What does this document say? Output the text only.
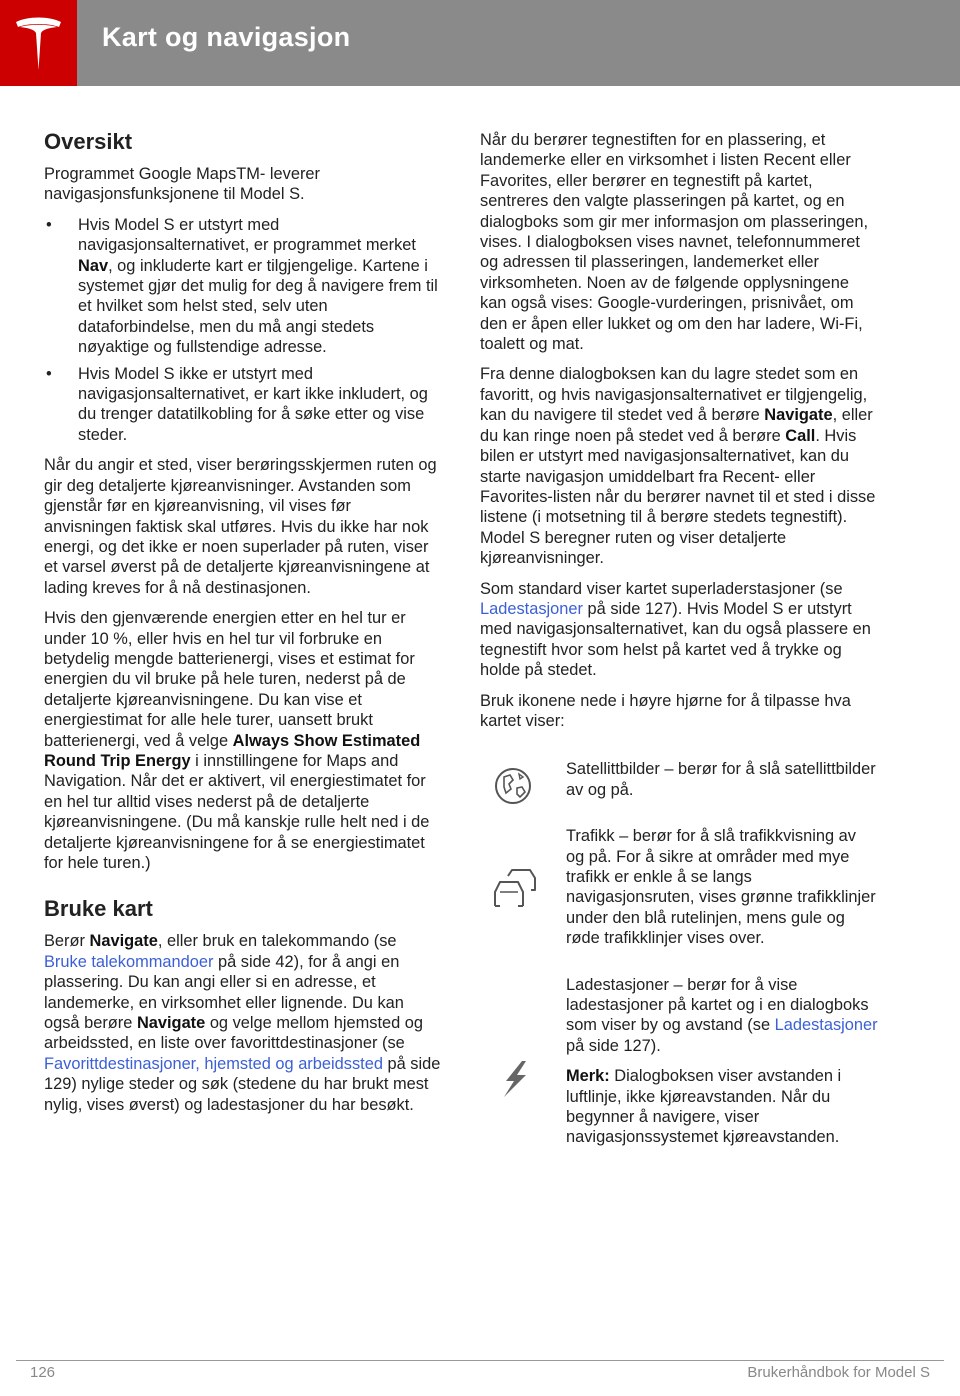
Kart og navigasjon
Oversikt

Programmet Google MapsTM- leverer navigasjonsfunksjonene til Model S.

• Hvis Model S er utstyrt med navigasjonsalternativet, er programmet merket Nav, og inkluderte kart er tilgjengelige. Kartene i systemet gjør det mulig for deg å navigere frem til et hvilket som helst sted, selv uten dataforbindelse, men du må angi stedets nøyaktige og fullstendige adresse.
• Hvis Model S ikke er utstyrt med navigasjonsalternativet, er kart ikke inkludert, og du trenger datatilkobling for å søke etter og vise steder.

Når du angir et sted, viser berøringsskjermen ruten og gir deg detaljerte kjøreanvisninger. Avstanden som gjenstår før en kjøreanvisning, vil vises før anvisningen faktisk skal utføres. Hvis du ikke har nok energi, og det ikke er noen superlader på ruten, viser et varsel øverst på de detaljerte kjøreanvisningene at lading kreves for å nå destinasjonen.

Hvis den gjenværende energien etter en hel tur er under 10 %, eller hvis en hel tur vil forbruke en betydelig mengde batterienergi, vises et estimat for energien du vil bruke på hele turen, nederst på de detaljerte kjøreanvisningene. Du kan vise et energiestimat for alle hele turer, uansett brukt batterienergi, ved å velge Always Show Estimated Round Trip Energy i innstillingene for Maps and Navigation. Når det er aktivert, vil energiestimatet for en hel tur alltid vises nederst på de detaljerte kjøreanvisningene. (Du må kanskje rulle helt ned i de detaljerte kjøreanvisningene for å se energiestimatet for hele turen.)

Bruke kart

Berør Navigate, eller bruk en talekommando (se Bruke talekommandoer på side 42), for å angi en plassering. Du kan angi eller si en adresse, et landemerke, en virksomhet eller lignende. Du kan også berøre Navigate og velge mellom hjemsted og arbeidssted, en liste over favorittdestinasjoner (se Favorittdestinasjoner, hjemsted og arbeidssted på side 129) nylige steder og søk (stedene du har brukt mest nylig, vises øverst) og ladestasjoner du har besøkt.

Når du berører tegnestiften for en plassering, et landemerke eller en virksomhet i listen Recent eller Favorites, eller berører en tegnestift på kartet, sentreres den valgte plasseringen på kartet, og en dialogboks som gir mer informasjon om plasseringen, vises. I dialogboksen vises navnet, telefonnummeret og adressen til plasseringen, landemerket eller virksomheten. Noen av de følgende opplysningene kan også vises: Google-vurderingen, prisnivået, om den er åpen eller lukket og om den har ladere, Wi-Fi, toalett og mat.

Fra denne dialogboksen kan du lagre stedet som en favoritt, og hvis navigasjonsalternativet er tilgjengelig, kan du navigere til stedet ved å berøre Navigate, eller du kan ringe noen på stedet ved å berøre Call. Hvis bilen er utstyrt med navigasjonsalternativet, kan du starte navigasjon umiddelbart fra Recent- eller Favorites-listen når du berører navnet til et sted i disse listene (i motsetning til å berøre stedets tegnestift). Model S beregner ruten og viser detaljerte kjøreanvisninger.

Som standard viser kartet superladerstasjoner (se Ladestasjoner på side 127). Hvis Model S er utstyrt med navigasjonsalternativet, kan du også plassere en tegnestift hvor som helst på kartet ved å trykke og holde på stedet.

Bruk ikonene nede i høyre hjørne for å tilpasse hva kartet viser:

Satellittbilder – berør for å slå satellittbilder av og på.
Trafikk – berør for å slå trafikkvisning av og på. For å sikre at områder med mye trafikk er enkle å se langs navigasjonsruten, vises grønne trafikklinjer under den blå rutelinjen, mens gule og røde trafikklinjer vises over.

Ladestasjoner – berør for å vise ladestasjoner på kartet og i en dialogboks som viser by og avstand (se Ladestasjoner på side 127).

Merk: Dialogboksen viser avstanden i luftlinje, ikke kjøreavstanden. Når du begynner å navigere, viser navigasjonssystemet kjøreavstanden.

126	Brukerhåndbok for Model S
